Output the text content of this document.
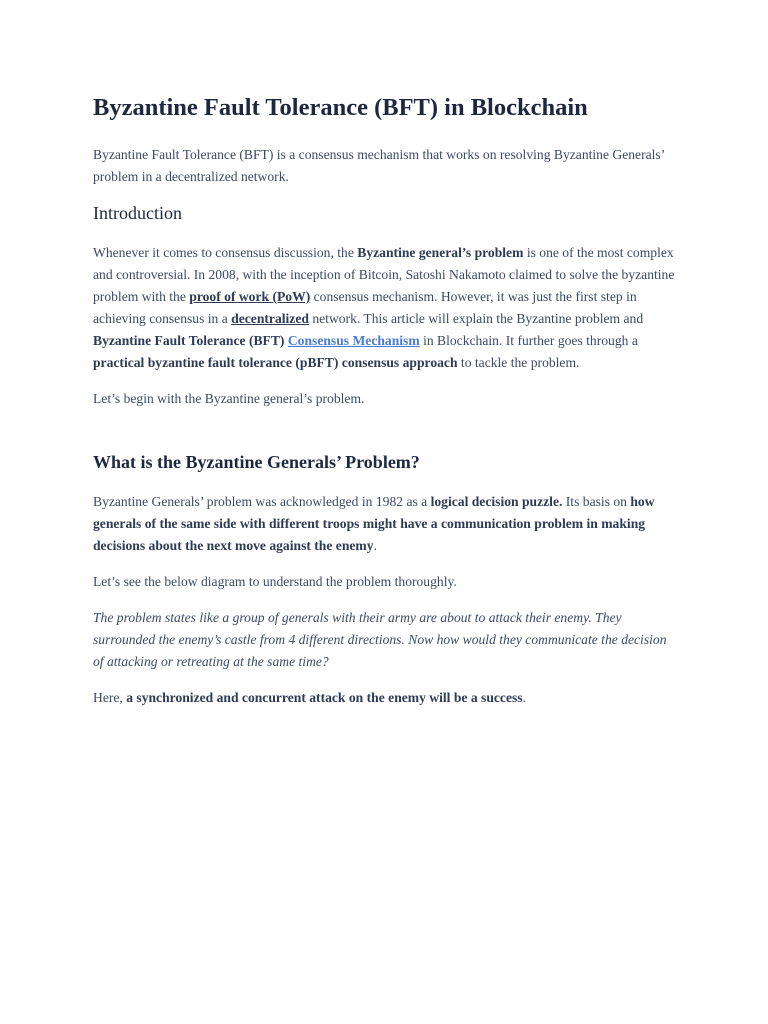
Byzantine Fault Tolerance (BFT) in Blockchain

Byzantine Fault Tolerance (BFT) is a consensus mechanism that works on resolving Byzantine Generals’ problem in a decentralized network.

Introduction

Whenever it comes to consensus discussion, the Byzantine general’s problem is one of the most complex and controversial. In 2008, with the inception of Bitcoin, Satoshi Nakamoto claimed to solve the byzantine problem with the proof of work (PoW) consensus mechanism. However, it was just the first step in achieving consensus in a decentralized network. This article will explain the Byzantine problem and Byzantine Fault Tolerance (BFT) Consensus Mechanism in Blockchain. It further goes through a practical byzantine fault tolerance (pBFT) consensus approach to tackle the problem.

Let’s begin with the Byzantine general’s problem.

What is the Byzantine Generals’ Problem?

Byzantine Generals’ problem was acknowledged in 1982 as a logical decision puzzle. Its basis on how generals of the same side with different troops might have a communication problem in making decisions about the next move against the enemy.

Let’s see the below diagram to understand the problem thoroughly.

The problem states like a group of generals with their army are about to attack their enemy. They surrounded the enemy’s castle from 4 different directions. Now how would they communicate the decision of attacking or retreating at the same time?

Here, a synchronized and concurrent attack on the enemy will be a success.
